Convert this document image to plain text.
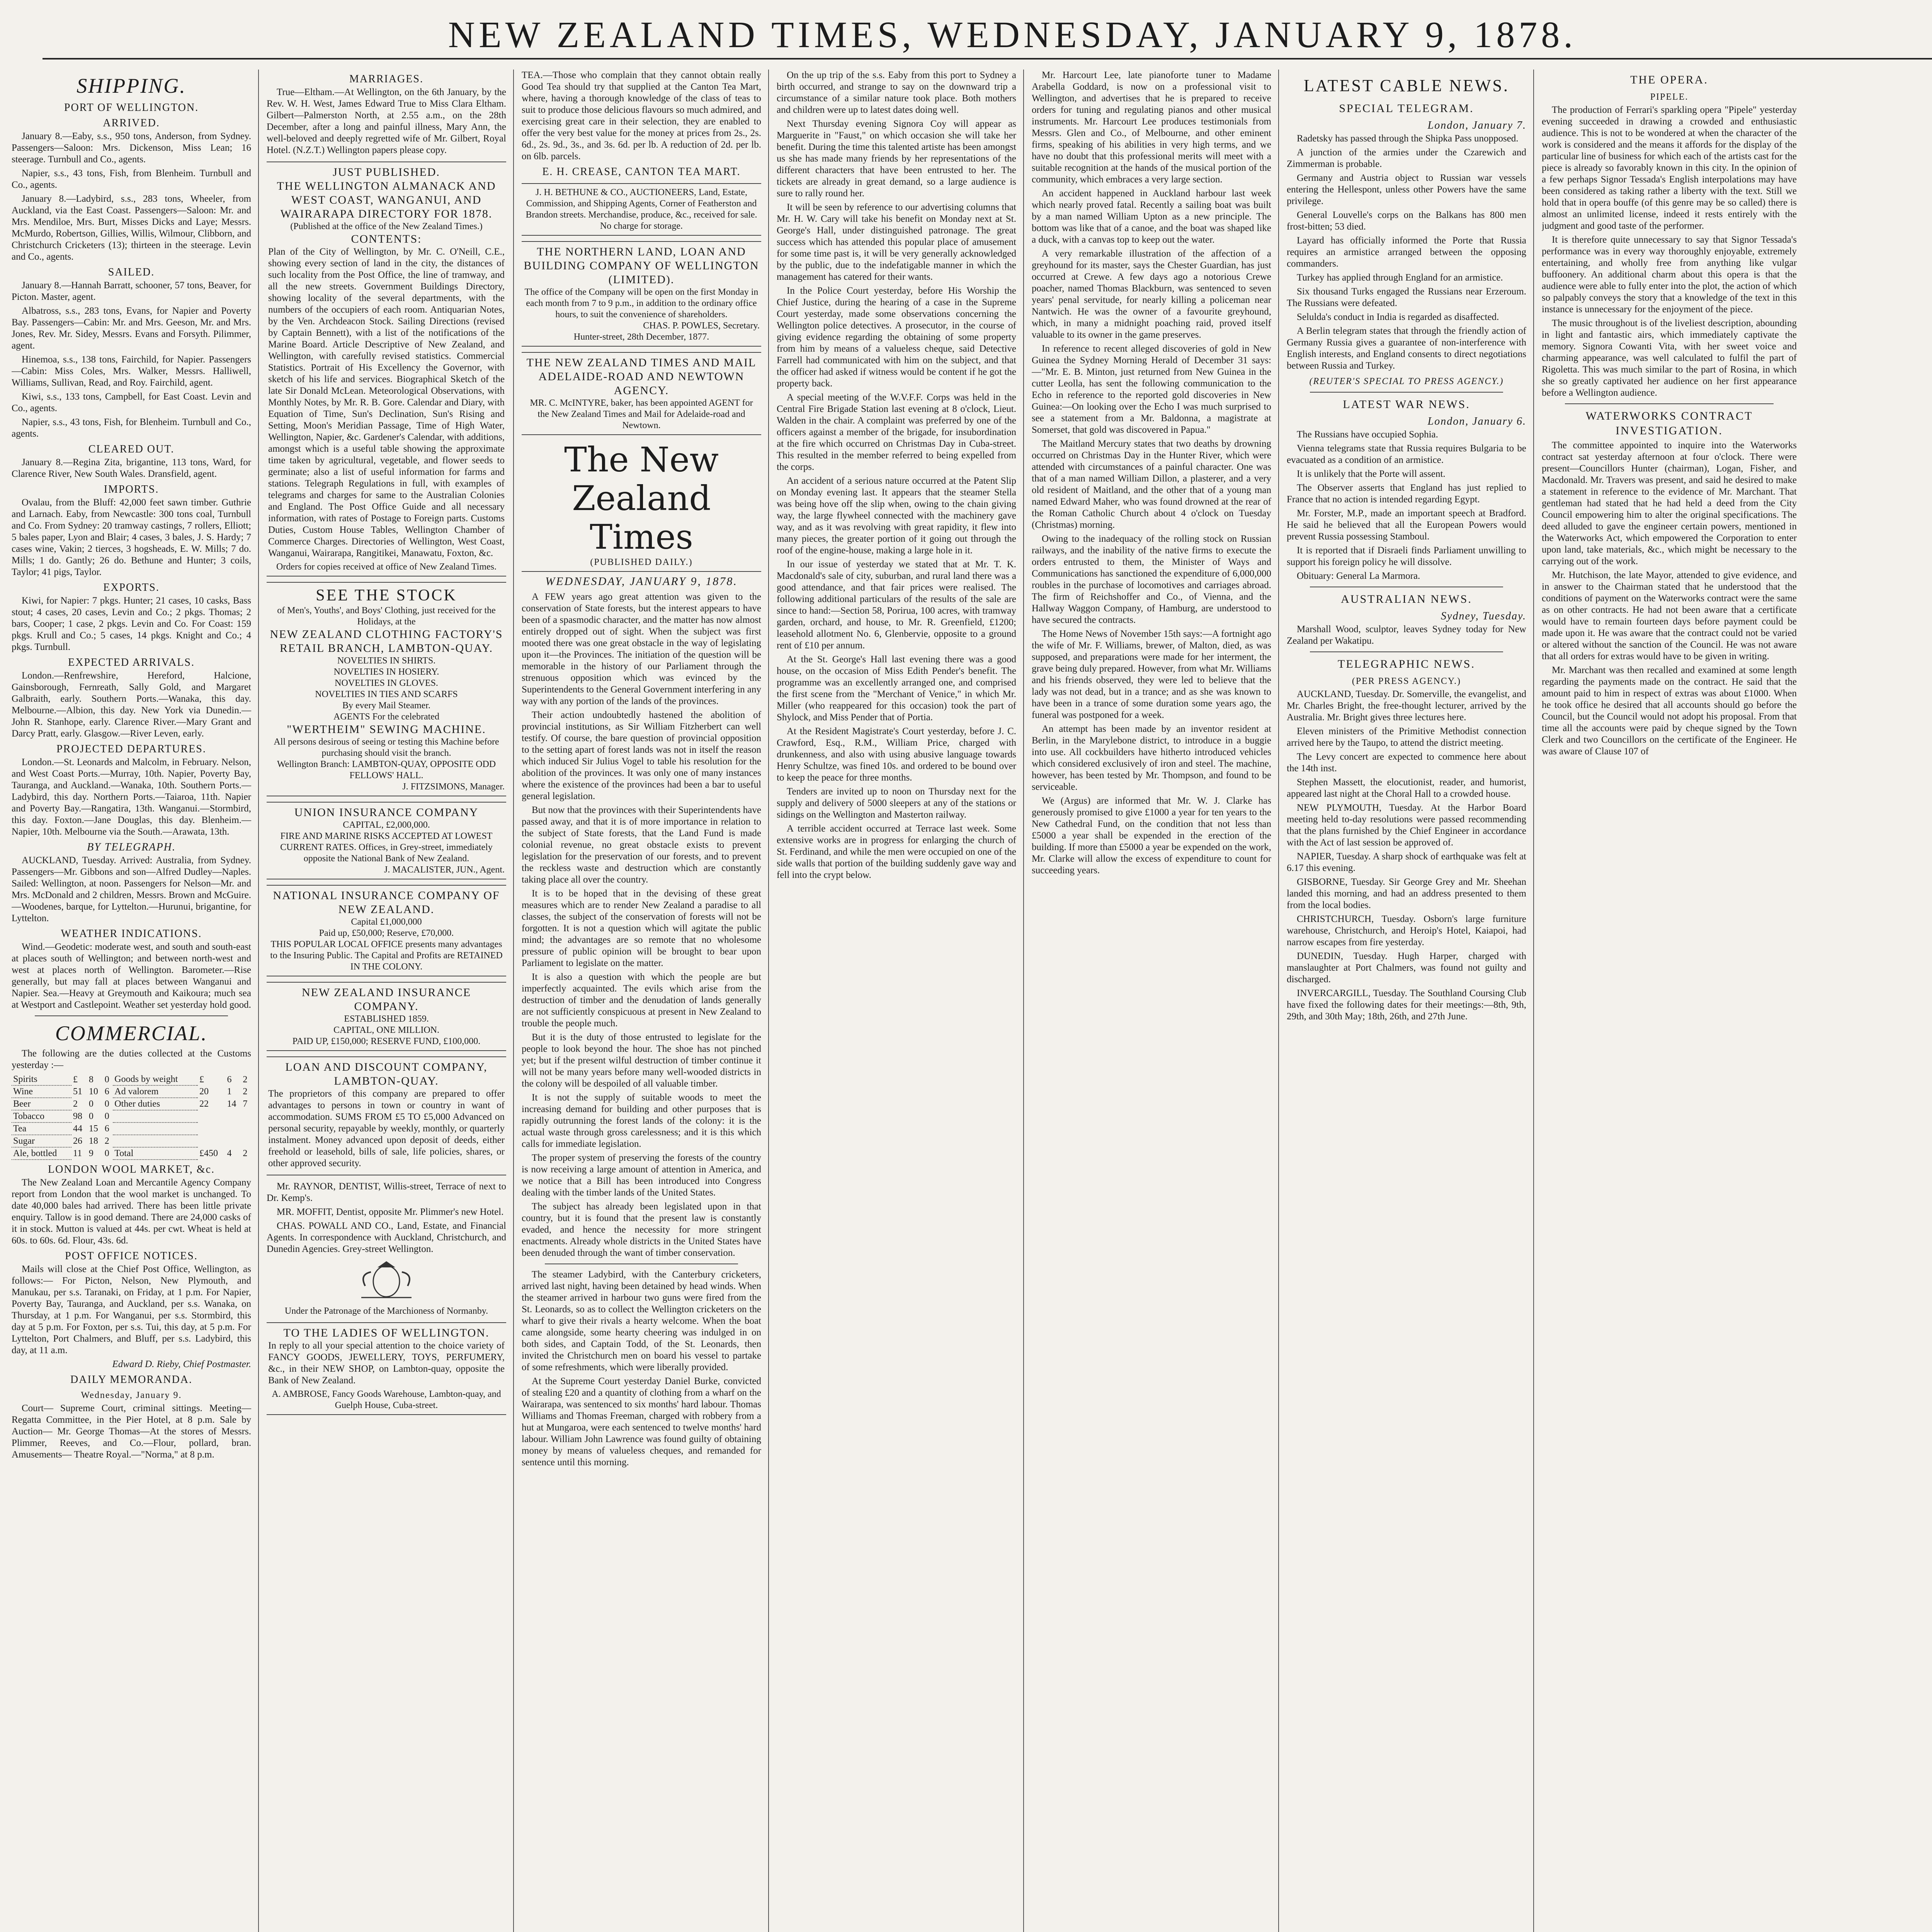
NEW ZEALAND TIMES, WEDNESDAY, JANUARY 9, 1878.
SHIPPING.
PORT OF WELLINGTON.
ARRIVED.

January 8.—Eaby, s.s., 950 tons, Anderson, from Sydney. Passengers—Saloon: Mrs. Dickenson, Miss Lean; 16 steerage. Turnbull and Co., agents.

Napier, s.s., 43 tons, Fish, from Blenheim. Turnbull and Co., agents.

January 8.—Ladybird, s.s., 283 tons, Wheeler, from Auckland, via the East Coast. Passengers—Saloon: Mr. and Mrs. Mendiloe, Mrs. Burt, Misses Dicks and Laye; Messrs. McMurdo, Robertson, Gillies, Willis, Wilmour, Clibborn, and Christchurch Cricketers (13); thirteen in the steerage. Levin and Co., agents.

SAILED.

January 8.—Hannah Barratt, schooner, 57 tons, Beaver, for Picton. Master, agent.

Albatross, s.s., 283 tons, Evans, for Napier and Poverty Bay. Passengers—Cabin: Mr. and Mrs. Geeson, Mr. and Mrs. Jones, Rev. Mr. Sidey, Messrs. Evans and Forsyth. Pilimmer, agent.

Hinemoa, s.s., 138 tons, Fairchild, for Napier. Passengers—Cabin: Miss Coles, Mrs. Walker, Messrs. Halliwell, Williams, Sullivan, Read, and Roy. Fairchild, agent.

Kiwi, s.s., 133 tons, Campbell, for East Coast. Levin and Co., agents.

Napier, s.s., 43 tons, Fish, for Blenheim. Turnbull and Co., agents.

CLEARED OUT.

January 8.—Regina Zita, brigantine, 113 tons, Ward, for Clarence River, New South Wales. Dransfield, agent.

IMPORTS.

Ovalau, from the Bluff: 42,000 feet sawn timber. Guthrie and Larnach. Eaby, from Newcastle: 300 tons coal, Turnbull and Co. From Sydney: 20 tramway castings, 7 rollers, Elliott; 5 bales paper, Lyon and Blair; 4 cases, 3 bales, J. S. Hardy; 7 cases wine, Vakin; 2 tierces, 3 hogsheads, E. W. Mills; 7 do. Mills; 1 do. Gantly; 26 do. Bethune and Hunter; 3 coils, Taylor; 41 pigs, Taylor.

EXPORTS.

Kiwi, for Napier: 7 pkgs. Hunter; 21 cases, 10 casks, Bass stout; 4 cases, 20 cases, Levin and Co.; 2 pkgs. Thomas; 2 bars, Cooper; 1 case, 2 pkgs. Levin and Co. For Coast: 159 pkgs. Krull and Co.; 5 cases, 14 pkgs. Knight and Co.; 4 pkgs. Turnbull.

EXPECTED ARRIVALS.

London.—Renfrewshire, Hereford, Halcione, Gainsborough, Fernreath, Sally Gold, and Margaret Galbraith, early. Southern Ports.—Wanaka, this day. Melbourne.—Albion, this day. New York via Dunedin.—John R. Stanhope, early. Clarence River.—Mary Grant and Darcy Pratt, early. Glasgow.—River Leven, early.

PROJECTED DEPARTURES.

London.—St. Leonards and Malcolm, in February. Nelson, and West Coast Ports.—Murray, 10th. Napier, Poverty Bay, Tauranga, and Auckland.—Wanaka, 10th. Southern Ports.—Ladybird, this day. Northern Ports.—Taiaroa, 11th. Napier and Poverty Bay.—Rangatira, 13th. Wanganui.—Stormbird, this day. Foxton.—Jane Douglas, this day. Blenheim.—Napier, 10th. Melbourne via the South.—Arawata, 13th.

BY TELEGRAPH.

AUCKLAND, Tuesday. Arrived: Australia, from Sydney. Passengers—Mr. Gibbons and son—Alfred Dudley—Naples. Sailed: Wellington, at noon. Passengers for Nelson—Mr. and Mrs. McDonald and 2 children, Messrs. Brown and McGuire.—Woodenes, barque, for Lyttelton.—Hurunui, brigantine, for Lyttelton.

WEATHER INDICATIONS.

Wind.—Geodetic: moderate west, and south and south-east at places south of Wellington; and between north-west and west at places north of Wellington. Barometer.—Rise generally, but may fall at places between Wanganui and Napier. Sea.—Heavy at Greymouth and Kaikoura; much sea at Westport and Castlepoint. Weather set yesterday hold good.

COMMERCIAL.

The following are the duties collected at the Customs yesterday :—

Spirits	£	8	0	Goods by weight	£	6	2
Wine	51	10	6	Ad valorem	20	1	2
Beer	2	0	0	Other duties	22	14	7
Tobacco	98	0	0				
Tea	44	15	6				
Sugar	26	18	2				
Ale, bottled	11	9	0	Total	£450	4	2
LONDON WOOL MARKET, &c.

The New Zealand Loan and Mercantile Agency Company report from London that the wool market is unchanged. To date 40,000 bales had arrived. There has been little private enquiry. Tallow is in good demand. There are 24,000 casks of it in stock. Mutton is valued at 44s. per cwt. Wheat is held at 60s. to 60s. 6d. Flour, 43s. 6d.

POST OFFICE NOTICES.

Mails will close at the Chief Post Office, Wellington, as follows:— For Picton, Nelson, New Plymouth, and Manukau, per s.s. Taranaki, on Friday, at 1 p.m. For Napier, Poverty Bay, Tauranga, and Auckland, per s.s. Wanaka, on Thursday, at 1 p.m. For Wanganui, per s.s. Stormbird, this day at 5 p.m. For Foxton, per s.s. Tui, this day, at 5 p.m. For Lyttelton, Port Chalmers, and Bluff, per s.s. Ladybird, this day, at 11 a.m.

Edward D. Rieby, Chief Postmaster.

DAILY MEMORANDA.
Wednesday, January 9.

Court— Supreme Court, criminal sittings. Meeting— Regatta Committee, in the Pier Hotel, at 8 p.m. Sale by Auction— Mr. George Thomas—At the stores of Messrs. Plimmer, Reeves, and Co.—Flour, pollard, bran. Amusements— Theatre Royal.—"Norma," at 8 p.m.

MARRIAGES.

True—Eltham.—At Wellington, on the 6th January, by the Rev. W. H. West, James Edward True to Miss Clara Eltham. Gilbert—Palmerston North, at 2.55 a.m., on the 28th December, after a long and painful illness, Mary Ann, the well-beloved and deeply regretted wife of Mr. Gilbert, Royal Hotel. (N.Z.T.) Wellington papers please copy.

JUST PUBLISHED.
THE WELLINGTON ALMANACK AND WEST COAST, WANGANUI, AND WAIRARAPA DIRECTORY FOR 1878.
(Published at the office of the New Zealand Times.)
CONTENTS:

Plan of the City of Wellington, by Mr. C. O'Neill, C.E., showing every section of land in the city, the distances of such locality from the Post Office, the line of tramway, and all the new streets. Government Buildings Directory, showing locality of the several departments, with the numbers of the occupiers of each room. Antiquarian Notes, by the Ven. Archdeacon Stock. Sailing Directions (revised by Captain Bennett), with a list of the notifications of the Marine Board. Article Descriptive of New Zealand, and Wellington, with carefully revised statistics. Commercial Statistics. Portrait of His Excellency the Governor, with sketch of his life and services. Biographical Sketch of the late Sir Donald McLean. Meteorological Observations, with Monthly Notes, by Mr. R. B. Gore. Calendar and Diary, with Equation of Time, Sun's Declination, Sun's Rising and Setting, Moon's Meridian Passage, Time of High Water, Wellington, Napier, &c. Gardener's Calendar, with additions, amongst which is a useful table showing the approximate time taken by agricultural, vegetable, and flower seeds to germinate; also a list of useful information for farms and stations. Telegraph Regulations in full, with examples of telegrams and charges for same to the Australian Colonies and England. The Post Office Guide and all necessary information, with rates of Postage to Foreign parts. Customs Duties, Custom House Tables, Wellington Chamber of Commerce Charges. Directories of Wellington, West Coast, Wanganui, Wairarapa, Rangitikei, Manawatu, Foxton, &c.

Orders for copies received at office of New Zealand Times.
SEE THE STOCK
of Men's, Youths', and Boys' Clothing, just received for the Holidays, at the
NEW ZEALAND CLOTHING FACTORY'S RETAIL BRANCH, LAMBTON-QUAY.
NOVELTIES IN SHIRTS.
NOVELTIES IN HOSIERY.
NOVELTIES IN GLOVES.
NOVELTIES IN TIES AND SCARFS
By every Mail Steamer.
AGENTS For the celebrated
"WERTHEIM" SEWING MACHINE.
All persons desirous of seeing or testing this Machine before purchasing should visit the branch.
Wellington Branch: LAMBTON-QUAY, OPPOSITE ODD FELLOWS' HALL.
J. FITZSIMONS, Manager.
UNION INSURANCE COMPANY
CAPITAL, £2,000,000.
FIRE AND MARINE RISKS ACCEPTED AT LOWEST CURRENT RATES. Offices, in Grey-street, immediately opposite the National Bank of New Zealand.
J. MACALISTER, JUN., Agent.
NATIONAL INSURANCE COMPANY OF NEW ZEALAND.
Capital £1,000,000
Paid up, £50,000; Reserve, £70,000.
THIS POPULAR LOCAL OFFICE presents many advantages to the Insuring Public. The Capital and Profits are RETAINED IN THE COLONY.
NEW ZEALAND INSURANCE COMPANY.
ESTABLISHED 1859.
CAPITAL, ONE MILLION.
PAID UP, £150,000; RESERVE FUND, £100,000.
LOAN AND DISCOUNT COMPANY, LAMBTON-QUAY.

The proprietors of this company are prepared to offer advantages to persons in town or country in want of accommodation. SUMS FROM £5 TO £5,000 Advanced on personal security, repayable by weekly, monthly, or quarterly instalment. Money advanced upon deposit of deeds, either freehold or leasehold, bills of sale, life policies, shares, or other approved security.

Mr. RAYNOR, DENTIST, Willis-street, Terrace of next to Dr. Kemp's.

MR. MOFFIT, Dentist, opposite Mr. Plimmer's new Hotel.

CHAS. POWALL AND CO., Land, Estate, and Financial Agents. In correspondence with Auckland, Christchurch, and Dunedin Agencies. Grey-street Wellington.

Under the Patronage of the Marchioness of Normanby.
TO THE LADIES OF WELLINGTON.

In reply to all your special attention to the choice variety of FANCY GOODS, JEWELLERY, TOYS, PERFUMERY, &c., in their NEW SHOP, on Lambton-quay, opposite the Bank of New Zealand.

A. AMBROSE, Fancy Goods Warehouse, Lambton-quay, and Guelph House, Cuba-street.

TEA.—Those who complain that they cannot obtain really Good Tea should try that supplied at the Canton Tea Mart, where, having a thorough knowledge of the class of teas to suit to produce those delicious flavours so much admired, and exercising great care in their selection, they are enabled to offer the very best value for the money at prices from 2s., 2s. 6d., 2s. 9d., 3s., and 3s. 6d. per lb. A reduction of 2d. per lb. on 6lb. parcels.

E. H. CREASE, CANTON TEA MART.
J. H. BETHUNE & CO., AUCTIONEERS, Land, Estate, Commission, and Shipping Agents, Corner of Featherston and Brandon streets. Merchandise, produce, &c., received for sale. No charge for storage.
THE NORTHERN LAND, LOAN AND BUILDING COMPANY OF WELLINGTON (LIMITED).
The office of the Company will be open on the first Monday in each month from 7 to 9 p.m., in addition to the ordinary office hours, to suit the convenience of shareholders.
CHAS. P. POWLES, Secretary.
Hunter-street, 28th December, 1877.
THE NEW ZEALAND TIMES AND MAIL ADELAIDE-ROAD AND NEWTOWN AGENCY.
MR. C. McINTYRE, baker, has been appointed AGENT for the New Zealand Times and Mail for Adelaide-road and Newtown.
The New Zealand Times
(PUBLISHED DAILY.)
WEDNESDAY, JANUARY 9, 1878.

A FEW years ago great attention was given to the conservation of State forests, but the interest appears to have been of a spasmodic character, and the matter has now almost entirely dropped out of sight. When the subject was first mooted there was one great obstacle in the way of legislating upon it—the Provinces. The initiation of the question will be memorable in the history of our Parliament through the strenuous opposition which was evinced by the Superintendents to the General Government interfering in any way with any portion of the lands of the provinces.

Their action undoubtedly hastened the abolition of provincial institutions, as Sir William Fitzherbert can well testify. Of course, the bare question of provincial opposition to the setting apart of forest lands was not in itself the reason which induced Sir Julius Vogel to table his resolution for the abolition of the provinces. It was only one of many instances where the existence of the provinces had been a bar to useful general legislation.

But now that the provinces with their Superintendents have passed away, and that it is of more importance in relation to the subject of State forests, that the Land Fund is made colonial revenue, no great obstacle exists to prevent legislation for the preservation of our forests, and to prevent the reckless waste and destruction which are constantly taking place all over the country.

It is to be hoped that in the devising of these great measures which are to render New Zealand a paradise to all classes, the subject of the conservation of forests will not be forgotten. It is not a question which will agitate the public mind; the advantages are so remote that no wholesome pressure of public opinion will be brought to bear upon Parliament to legislate on the matter.

It is also a question with which the people are but imperfectly acquainted. The evils which arise from the destruction of timber and the denudation of lands generally are not sufficiently conspicuous at present in New Zealand to trouble the people much.

But it is the duty of those entrusted to legislate for the people to look beyond the hour. The shoe has not pinched yet; but if the present wilful destruction of timber continue it will not be many years before many well-wooded districts in the colony will be despoiled of all valuable timber.

It is not the supply of suitable woods to meet the increasing demand for building and other purposes that is rapidly outrunning the forest lands of the colony: it is the actual waste through gross carelessness; and it is this which calls for immediate legislation.

The proper system of preserving the forests of the country is now receiving a large amount of attention in America, and we notice that a Bill has been introduced into Congress dealing with the timber lands of the United States.

The subject has already been legislated upon in that country, but it is found that the present law is constantly evaded, and hence the necessity for more stringent enactments. Already whole districts in the United States have been denuded through the want of timber conservation.

The steamer Ladybird, with the Canterbury cricketers, arrived last night, having been detained by head winds. When the steamer arrived in harbour two guns were fired from the St. Leonards, so as to collect the Wellington cricketers on the wharf to give their rivals a hearty welcome. When the boat came alongside, some hearty cheering was indulged in on both sides, and Captain Todd, of the St. Leonards, then invited the Christchurch men on board his vessel to partake of some refreshments, which were liberally provided.

At the Supreme Court yesterday Daniel Burke, convicted of stealing £20 and a quantity of clothing from a wharf on the Wairarapa, was sentenced to six months' hard labour. Thomas Williams and Thomas Freeman, charged with robbery from a hut at Mungaroa, were each sentenced to twelve months' hard labour. William John Lawrence was found guilty of obtaining money by means of valueless cheques, and remanded for sentence until this morning.

On the up trip of the s.s. Eaby from this port to Sydney a birth occurred, and strange to say on the downward trip a circumstance of a similar nature took place. Both mothers and children were up to latest dates doing well.

Next Thursday evening Signora Coy will appear as Marguerite in "Faust," on which occasion she will take her benefit. During the time this talented artiste has been amongst us she has made many friends by her representations of the different characters that have been entrusted to her. The tickets are already in great demand, so a large audience is sure to rally round her.

It will be seen by reference to our advertising columns that Mr. H. W. Cary will take his benefit on Monday next at St. George's Hall, under distinguished patronage. The great success which has attended this popular place of amusement for some time past is, it will be very generally acknowledged by the public, due to the indefatigable manner in which the management has catered for their wants.

In the Police Court yesterday, before His Worship the Chief Justice, during the hearing of a case in the Supreme Court yesterday, made some observations concerning the Wellington police detectives. A prosecutor, in the course of giving evidence regarding the obtaining of some property from him by means of a valueless cheque, said Detective Farrell had communicated with him on the subject, and that the officer had asked if witness would be content if he got the property back.

A special meeting of the W.V.F.F. Corps was held in the Central Fire Brigade Station last evening at 8 o'clock, Lieut. Walden in the chair. A complaint was preferred by one of the officers against a member of the brigade, for insubordination at the fire which occurred on Christmas Day in Cuba-street. This resulted in the member referred to being expelled from the corps.

An accident of a serious nature occurred at the Patent Slip on Monday evening last. It appears that the steamer Stella was being hove off the slip when, owing to the chain giving way, the large flywheel connected with the machinery gave way, and as it was revolving with great rapidity, it flew into many pieces, the greater portion of it going out through the roof of the engine-house, making a large hole in it.

In our issue of yesterday we stated that at Mr. T. K. Macdonald's sale of city, suburban, and rural land there was a good attendance, and that fair prices were realised. The following additional particulars of the results of the sale are since to hand:—Section 58, Porirua, 100 acres, with tramway garden, orchard, and house, to Mr. R. Greenfield, £1200; leasehold allotment No. 6, Glenbervie, opposite to a ground rent of £10 per annum.

At the St. George's Hall last evening there was a good house, on the occasion of Miss Edith Pender's benefit. The programme was an excellently arranged one, and comprised the first scene from the "Merchant of Venice," in which Mr. Miller (who reappeared for this occasion) took the part of Shylock, and Miss Pender that of Portia.

At the Resident Magistrate's Court yesterday, before J. C. Crawford, Esq., R.M., William Price, charged with drunkenness, and also with using abusive language towards Henry Schultze, was fined 10s. and ordered to be bound over to keep the peace for three months.

Tenders are invited up to noon on Thursday next for the supply and delivery of 5000 sleepers at any of the stations or sidings on the Wellington and Masterton railway.

A terrible accident occurred at Terrace last week. Some extensive works are in progress for enlarging the church of St. Ferdinand, and while the men were occupied on one of the side walls that portion of the building suddenly gave way and fell into the crypt below.

Mr. Harcourt Lee, late pianoforte tuner to Madame Arabella Goddard, is now on a professional visit to Wellington, and advertises that he is prepared to receive orders for tuning and regulating pianos and other musical instruments. Mr. Harcourt Lee produces testimonials from Messrs. Glen and Co., of Melbourne, and other eminent firms, speaking of his abilities in very high terms, and we have no doubt that this professional merits will meet with a suitable recognition at the hands of the musical portion of the community, which embraces a very large section.

An accident happened in Auckland harbour last week which nearly proved fatal. Recently a sailing boat was built by a man named William Upton as a new principle. The bottom was like that of a canoe, and the boat was shaped like a duck, with a canvas top to keep out the water.

A very remarkable illustration of the affection of a greyhound for its master, says the Chester Guardian, has just occurred at Crewe. A few days ago a notorious Crewe poacher, named Thomas Blackburn, was sentenced to seven years' penal servitude, for nearly killing a policeman near Nantwich. He was the owner of a favourite greyhound, which, in many a midnight poaching raid, proved itself valuable to its owner in the game preserves.

In reference to recent alleged discoveries of gold in New Guinea the Sydney Morning Herald of December 31 says:—"Mr. E. B. Minton, just returned from New Guinea in the cutter Leolla, has sent the following communication to the Echo in reference to the reported gold discoveries in New Guinea:—On looking over the Echo I was much surprised to see a statement from a Mr. Baldonna, a magistrate at Somerset, that gold was discovered in Papua."

The Maitland Mercury states that two deaths by drowning occurred on Christmas Day in the Hunter River, which were attended with circumstances of a painful character. One was that of a man named William Dillon, a plasterer, and a very old resident of Maitland, and the other that of a young man named Edward Maher, who was found drowned at the rear of the Roman Catholic Church about 4 o'clock on Tuesday (Christmas) morning.

Owing to the inadequacy of the rolling stock on Russian railways, and the inability of the native firms to execute the orders entrusted to them, the Minister of Ways and Communications has sanctioned the expenditure of 6,000,000 roubles in the purchase of locomotives and carriages abroad. The firm of Reichshoffer and Co., of Vienna, and the Hallway Waggon Company, of Hamburg, are understood to have secured the contracts.

The Home News of November 15th says:—A fortnight ago the wife of Mr. F. Williams, brewer, of Malton, died, as was supposed, and preparations were made for her interment, the grave being duly prepared. However, from what Mr. Williams and his friends observed, they were led to believe that the lady was not dead, but in a trance; and as she was known to have been in a trance of some duration some years ago, the funeral was postponed for a week.

An attempt has been made by an inventor resident at Berlin, in the Marylebone district, to introduce in a buggie into use. All cockbuilders have hitherto introduced vehicles which considered exclusively of iron and steel. The machine, however, has been tested by Mr. Thompson, and found to be serviceable.

We (Argus) are informed that Mr. W. J. Clarke has generously promised to give £1000 a year for ten years to the New Cathedral Fund, on the condition that not less than £5000 a year shall be expended in the erection of the building. If more than £5000 a year be expended on the work, Mr. Clarke will allow the excess of expenditure to count for succeeding years.

LATEST CABLE NEWS.
SPECIAL TELEGRAM.
London, January 7.

Radetsky has passed through the Shipka Pass unopposed.

A junction of the armies under the Czarewich and Zimmerman is probable.

Germany and Austria object to Russian war vessels entering the Hellespont, unless other Powers have the same privilege.

General Louvelle's corps on the Balkans has 800 men frost-bitten; 53 died.

Layard has officially informed the Porte that Russia requires an armistice arranged between the opposing commanders.

Turkey has applied through England for an armistice.

Six thousand Turks engaged the Russians near Erzeroum. The Russians were defeated.

Selulda's conduct in India is regarded as disaffected.

A Berlin telegram states that through the friendly action of Germany Russia gives a guarantee of non-interference with English interests, and England consents to direct negotiations between Russia and Turkey.

(REUTER'S SPECIAL TO PRESS AGENCY.)
LATEST WAR NEWS.
London, January 6.

The Russians have occupied Sophia.

Vienna telegrams state that Russia requires Bulgaria to be evacuated as a condition of an armistice.

It is unlikely that the Porte will assent.

The Observer asserts that England has just replied to France that no action is intended regarding Egypt.

Mr. Forster, M.P., made an important speech at Bradford. He said he believed that all the European Powers would prevent Russia possessing Stamboul.

It is reported that if Disraeli finds Parliament unwilling to support his foreign policy he will dissolve.

Obituary: General La Marmora.

AUSTRALIAN NEWS.
Sydney, Tuesday.

Marshall Wood, sculptor, leaves Sydney today for New Zealand per Wakatipu.

TELEGRAPHIC NEWS.
(PER PRESS AGENCY.)

AUCKLAND, Tuesday. Dr. Somerville, the evangelist, and Mr. Charles Bright, the free-thought lecturer, arrived by the Australia. Mr. Bright gives three lectures here.

Eleven ministers of the Primitive Methodist connection arrived here by the Taupo, to attend the district meeting.

The Levy concert are expected to commence here about the 14th inst.

Stephen Massett, the elocutionist, reader, and humorist, appeared last night at the Choral Hall to a crowded house.

NEW PLYMOUTH, Tuesday. At the Harbor Board meeting held to-day resolutions were passed recommending that the plans furnished by the Chief Engineer in accordance with the Act of last session be approved of.

NAPIER, Tuesday. A sharp shock of earthquake was felt at 6.17 this evening.

GISBORNE, Tuesday. Sir George Grey and Mr. Sheehan landed this morning, and had an address presented to them from the local bodies.

CHRISTCHURCH, Tuesday. Osborn's large furniture warehouse, Christchurch, and Heroip's Hotel, Kaiapoi, had narrow escapes from fire yesterday.

DUNEDIN, Tuesday. Hugh Harper, charged with manslaughter at Port Chalmers, was found not guilty and discharged.

INVERCARGILL, Tuesday. The Southland Coursing Club have fixed the following dates for their meetings:—8th, 9th, 29th, and 30th May; 18th, 26th, and 27th June.

THE OPERA.
PIPELE.

The production of Ferrari's sparkling opera "Pipele" yesterday evening succeeded in drawing a crowded and enthusiastic audience. This is not to be wondered at when the character of the work is considered and the means it affords for the display of the particular line of business for which each of the artists cast for the piece is already so favorably known in this city. In the opinion of a few perhaps Signor Tessada's English interpolations may have been considered as taking rather a liberty with the text. Still we hold that in opera bouffe (of this genre may be so called) there is almost an unlimited license, indeed it rests entirely with the judgment and good taste of the performer.

It is therefore quite unnecessary to say that Signor Tessada's performance was in every way thoroughly enjoyable, extremely entertaining, and wholly free from anything like vulgar buffoonery. An additional charm about this opera is that the audience were able to fully enter into the plot, the action of which so palpably conveys the story that a knowledge of the text in this instance is unnecessary for the enjoyment of the piece.

The music throughout is of the liveliest description, abounding in light and fantastic airs, which immediately captivate the memory. Signora Cowanti Vita, with her sweet voice and charming appearance, was well calculated to fulfil the part of Rigoletta. This was much similar to the part of Rosina, in which she so greatly captivated her audience on her first appearance before a Wellington audience.

WATERWORKS CONTRACT INVESTIGATION.

The committee appointed to inquire into the Waterworks contract sat yesterday afternoon at four o'clock. There were present—Councillors Hunter (chairman), Logan, Fisher, and Macdonald. Mr. Travers was present, and said he desired to make a statement in reference to the evidence of Mr. Marchant. That gentleman had stated that he had held a deed from the City Council empowering him to alter the original specifications. The deed alluded to gave the engineer certain powers, mentioned in the Waterworks Act, which empowered the Corporation to enter upon land, take materials, &c., which might be necessary to the carrying out of the work.

Mr. Hutchison, the late Mayor, attended to give evidence, and in answer to the Chairman stated that he understood that the conditions of payment on the Waterworks contract were the same as on other contracts. He had not been aware that a certificate would have to remain fourteen days before payment could be made upon it. He was aware that the contract could not be varied or altered without the sanction of the Council. He was not aware that all orders for extras would have to be given in writing.

Mr. Marchant was then recalled and examined at some length regarding the payments made on the contract. He said that the amount paid to him in respect of extras was about £1000. When he took office he desired that all accounts should go before the Council, but the Council would not adopt his proposal. From that time all the accounts were paid by cheque signed by the Town Clerk and two Councillors on the certificate of the Engineer. He was aware of Clause 107 of
